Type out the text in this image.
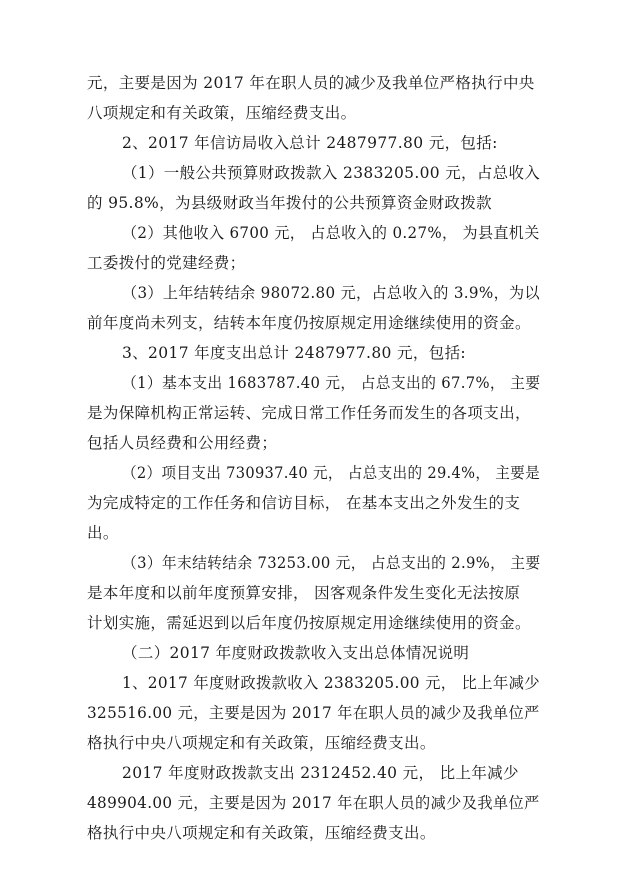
元，主要是因为 2017 年在职人员的减少及我单位严格执行中央
八项规定和有关政策，压缩经费支出。
2、2017 年信访局收入总计 2487977.80 元，包括:
（1）一般公共预算财政拨款入 2383205.00 元，占总收入
的 95.8%，为县级财政当年拨付的公共预算资金财政拨款
（2）其他收入 6700 元， 占总收入的 0.27%， 为县直机关
工委拨付的党建经费；
（3）上年结转结余 98072.80 元，占总收入的 3.9%，为以
前年度尚未列支，结转本年度仍按原规定用途继续使用的资金。
3、2017 年度支出总计 2487977.80 元，包括:
（1）基本支出 1683787.40 元， 占总支出的 67.7%， 主要
是为保障机构正常运转、完成日常工作任务而发生的各项支出，
包括人员经费和公用经费；
（2）项目支出 730937.40 元， 占总支出的 29.4%， 主要是
为完成特定的工作任务和信访目标， 在基本支出之外发生的支
出。
（3）年末结转结余 73253.00 元， 占总支出的 2.9%， 主要
是本年度和以前年度预算安排， 因客观条件发生变化无法按原
计划实施，需延迟到以后年度仍按原规定用途继续使用的资金。
（二）2017 年度财政拨款收入支出总体情况说明
1、2017 年度财政拨款收入 2383205.00 元， 比上年减少
325516.00 元，主要是因为 2017 年在职人员的减少及我单位严
格执行中央八项规定和有关政策，压缩经费支出。
2017 年度财政拨款支出 2312452.40 元， 比上年减少
489904.00 元，主要是因为 2017 年在职人员的减少及我单位严
格执行中央八项规定和有关政策，压缩经费支出。
